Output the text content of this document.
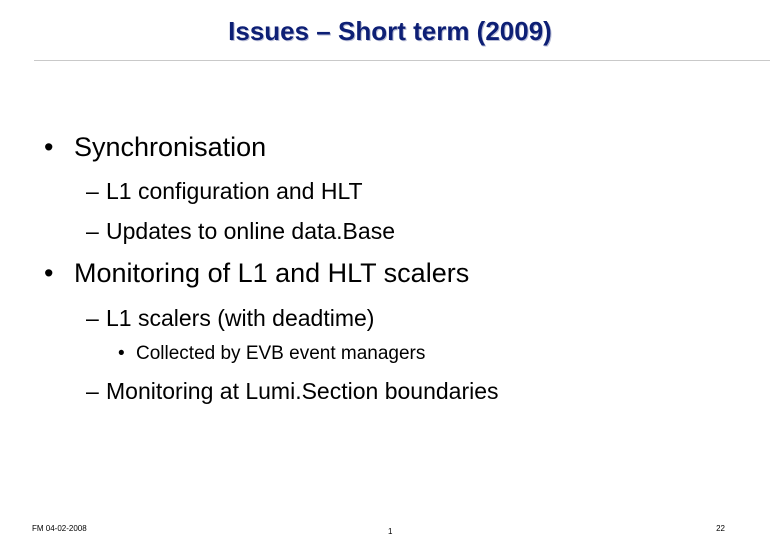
Issues – Short term (2009)
• Synchronisation
– L1 configuration and HLT
– Updates to online data.Base
• Monitoring of L1 and HLT scalers
– L1 scalers (with deadtime)
• Collected by EVB event managers
– Monitoring at Lumi.Section boundaries
FM 04-02-2008	1	22
